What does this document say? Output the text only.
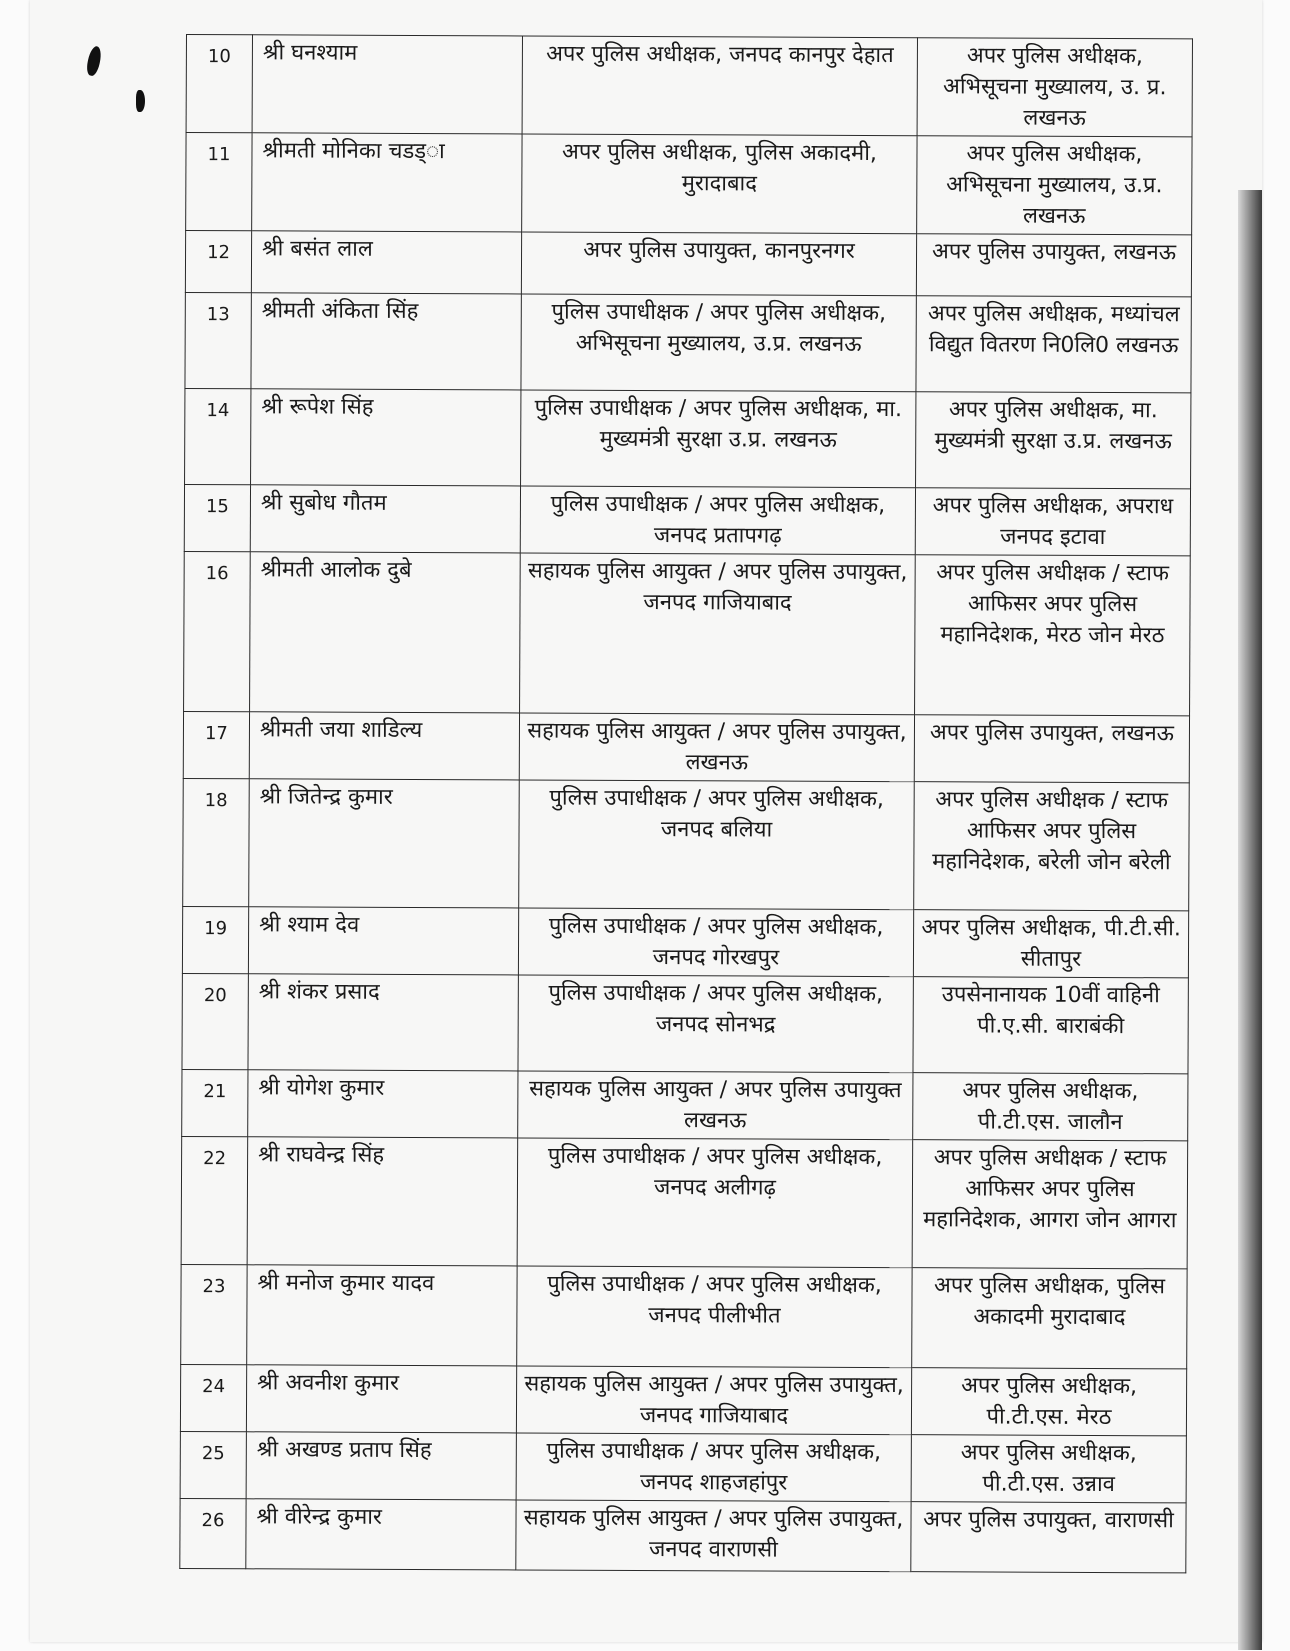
10	श्री घनश्याम	अपर पुलिस अधीक्षक, जनपद कानपुर देहात	अपर पुलिस अधीक्षक, अभिसूचना मुख्यालय, उ. प्र. लखनऊ
11	श्रीमती मोनिका चडड्ा	अपर पुलिस अधीक्षक, पुलिस अकादमी, मुरादाबाद	अपर पुलिस अधीक्षक, अभिसूचना मुख्यालय, उ.प्र. लखनऊ
12	श्री बसंत लाल	अपर पुलिस उपायुक्त, कानपुरनगर	अपर पुलिस उपायुक्त, लखनऊ
13	श्रीमती अंकिता सिंह	पुलिस उपाधीक्षक / अपर पुलिस अधीक्षक, अभिसूचना मुख्यालय, उ.प्र. लखनऊ	अपर पुलिस अधीक्षक, मध्यांचल विद्युत वितरण नि0लि0 लखनऊ
14	श्री रूपेश सिंह	पुलिस उपाधीक्षक / अपर पुलिस अधीक्षक, मा. मुख्यमंत्री सुरक्षा उ.प्र. लखनऊ	अपर पुलिस अधीक्षक, मा. मुख्यमंत्री सुरक्षा उ.प्र. लखनऊ
15	श्री सुबोध गौतम	पुलिस उपाधीक्षक / अपर पुलिस अधीक्षक, जनपद प्रतापगढ़	अपर पुलिस अधीक्षक, अपराध जनपद इटावा
16	श्रीमती आलोक दुबे	सहायक पुलिस आयुक्त / अपर पुलिस उपायुक्त, जनपद गाजियाबाद	अपर पुलिस अधीक्षक / स्टाफ आफिसर अपर पुलिस महानिदेशक, मेरठ जोन मेरठ
17	श्रीमती जया शाडिल्य	सहायक पुलिस आयुक्त / अपर पुलिस उपायुक्त, लखनऊ	अपर पुलिस उपायुक्त, लखनऊ
18	श्री जितेन्द्र कुमार	पुलिस उपाधीक्षक / अपर पुलिस अधीक्षक, जनपद बलिया	अपर पुलिस अधीक्षक / स्टाफ आफिसर अपर पुलिस महानिदेशक, बरेली जोन बरेली
19	श्री श्याम देव	पुलिस उपाधीक्षक / अपर पुलिस अधीक्षक, जनपद गोरखपुर	अपर पुलिस अधीक्षक, पी.टी.सी. सीतापुर
20	श्री शंकर प्रसाद	पुलिस उपाधीक्षक / अपर पुलिस अधीक्षक, जनपद सोनभद्र	उपसेनानायक 10वीं वाहिनी पी.ए.सी. बाराबंकी
21	श्री योगेश कुमार	सहायक पुलिस आयुक्त / अपर पुलिस उपायुक्त लखनऊ	अपर पुलिस अधीक्षक, पी.टी.एस. जालौन
22	श्री राघवेन्द्र सिंह	पुलिस उपाधीक्षक / अपर पुलिस अधीक्षक, जनपद अलीगढ़	अपर पुलिस अधीक्षक / स्टाफ आफिसर अपर पुलिस महानिदेशक, आगरा जोन आगरा
23	श्री मनोज कुमार यादव	पुलिस उपाधीक्षक / अपर पुलिस अधीक्षक, जनपद पीलीभीत	अपर पुलिस अधीक्षक, पुलिस अकादमी मुरादाबाद
24	श्री अवनीश कुमार	सहायक पुलिस आयुक्त / अपर पुलिस उपायुक्त, जनपद गाजियाबाद	अपर पुलिस अधीक्षक, पी.टी.एस. मेरठ
25	श्री अखण्ड प्रताप सिंह	पुलिस उपाधीक्षक / अपर पुलिस अधीक्षक, जनपद शाहजहांपुर	अपर पुलिस अधीक्षक, पी.टी.एस. उन्नाव
26	श्री वीरेन्द्र कुमार	सहायक पुलिस आयुक्त / अपर पुलिस उपायुक्त, जनपद वाराणसी	अपर पुलिस उपायुक्त, वाराणसी
